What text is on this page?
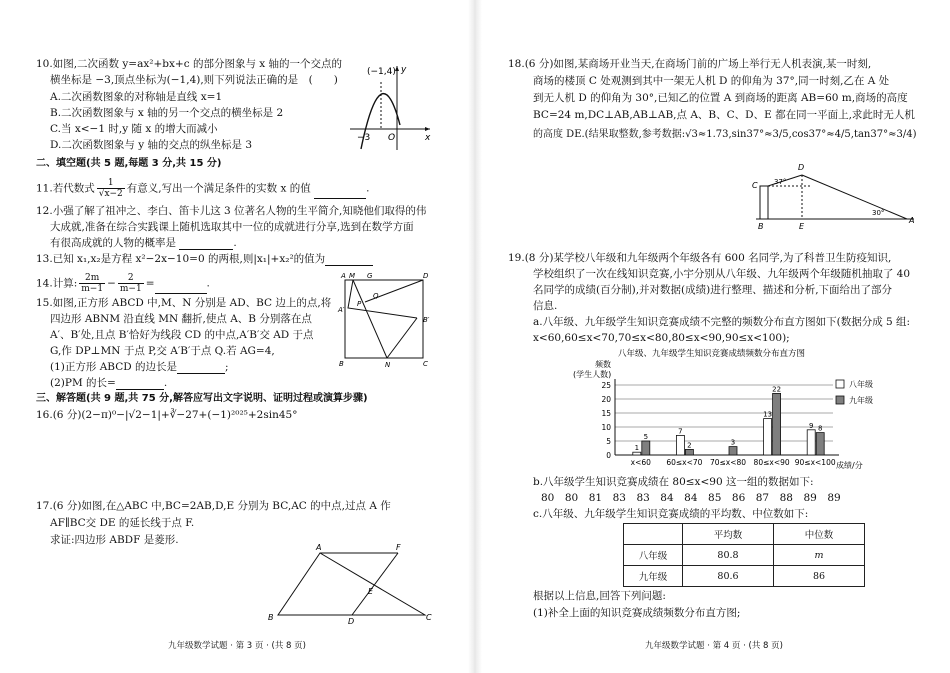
10.如图,二次函数 y=ax²+bx+c 的部分图象与 x 轴的一个交点的
横坐标是 −3,顶点坐标为(−1,4),则下列说法正确的是　(　　)
A.二次函数图象的对称轴是直线 x=1
B.二次函数图象与 x 轴的另一个交点的横坐标是 2
C.当 x<−1 时,y 随 x 的增大而减小
D.二次函数图象与 y 轴的交点的纵坐标是 3
(−1,4) y
x
O
−3
二、填空题(共 5 题,每题 3 分,共 15 分)
11.若代数式 $\frac{1}{√x-2}$ 有意义,写出一个满足条件的实数 x 的值	.
12.小强了解了祖冲之、李白、笛卡儿这 3 位著名人物的生平简介,知晓他们取得的伟
大成就,准备在综合实践课上随机选取其中一位的成就进行分享,选到在数学方面
有很高成就的人物的概率是	.
13.已知 x₁,x₂是方程 x²−2x−10=0 的两根,则|x₁|+x₂²的值为
14.计算: $\frac{2m}{m-1} - \frac{2}{m-1}$ =	.
15.如图,正方形 ABCD 中,M、N 分别是 AD、BC 边上的点,将
四边形 ABNM 沿直线 MN 翻折,使点 A、B 分别落在点
A′、B′处,且点 B′恰好为线段 CD 的中点,A′B′交 AD 于点
G,作 DP⊥MN 于点 P,交 A′B′于点 Q.若 AG=4,
(1)正方形 ABCD 的边长是	;
(2)PM 的长=	.
A M G	D
P
Q
B′
A′
B	N	C
三、解答题(共 9 题,共 75 分,解答应写出文字说明、证明过程或演算步骤)
16.(6 分)(2−π)⁰−|√2−1|+∛−27+(−1)²⁰²⁵+2sin45°
17.(6 分)如图,在△ABC 中,BC=2AB,D,E 分别为 BC,AC 的中点,过点 A 作
AF∥BC交 DE 的延长线于点 F.
求证:四边形 ABDF 是菱形.
A	F
E
B	D	C
九年级数学试题 · 第 3 页 · (共 8 页)
18.(6 分)如图,某商场开业当天,在商场门前的广场上举行无人机表演,某一时刻,
商场的楼顶 C 处观测到其中一架无人机 D 的仰角为 37°,同一时刻,乙在 A 处
到无人机 D 的仰角为 30°,已知乙的位置 A 到商场的距离 AB=60 m,商场的高度
BC=24 m,DC⊥AB,AB⊥AB,点 A、B、C、D、E 都在同一平面上,求此时无人机
的高度 DE.(结果取整数,参考数据:√3≈1.73,sin37°≈3/5,cos37°≈4/5,tan37°≈3/4)
D
C 37°
30°
B	E
A
19.(8 分)某学校八年级和九年级两个年级各有 600 名同学,为了科普卫生防疫知识,
学校组织了一次在线知识竞赛,小宇分别从八年级、九年级两个年级随机抽取了 40
名同学的成绩(百分制),并对数据(成绩)进行整理、描述和分析,下面给出了部分
信息.
a.八年级、九年级学生知识竞赛成绩不完整的频数分布直方图如下(数据分成 5 组:
x<60,60≤x<70,70≤x<80,80≤x<90,90≤x<100);
八年级、九年级学生知识竞赛成绩频数分布直方图
频数
(学生人数)
0
5
10
15
20
25
1
5
7
2	3
13
22
9 8
x<60 60≤x<70 70≤x<80 80≤x<90 90≤x<100 成绩/分
八年级
九年级
b.八年级学生知识竞赛成绩在 80≤x<90 这一组的数据如下:
80　80　81　83　83　84　84　85　86　87　88　89　89
c.八年级、九年级学生知识竞赛成绩的平均数、中位数如下:
	平均数	中位数
八年级	80.8	m
九年级	80.6	86
根据以上信息,回答下列问题:
(1)补全上面的知识竞赛成绩频数分布直方图;
九年级数学试题 · 第 4 页 · (共 8 页)
